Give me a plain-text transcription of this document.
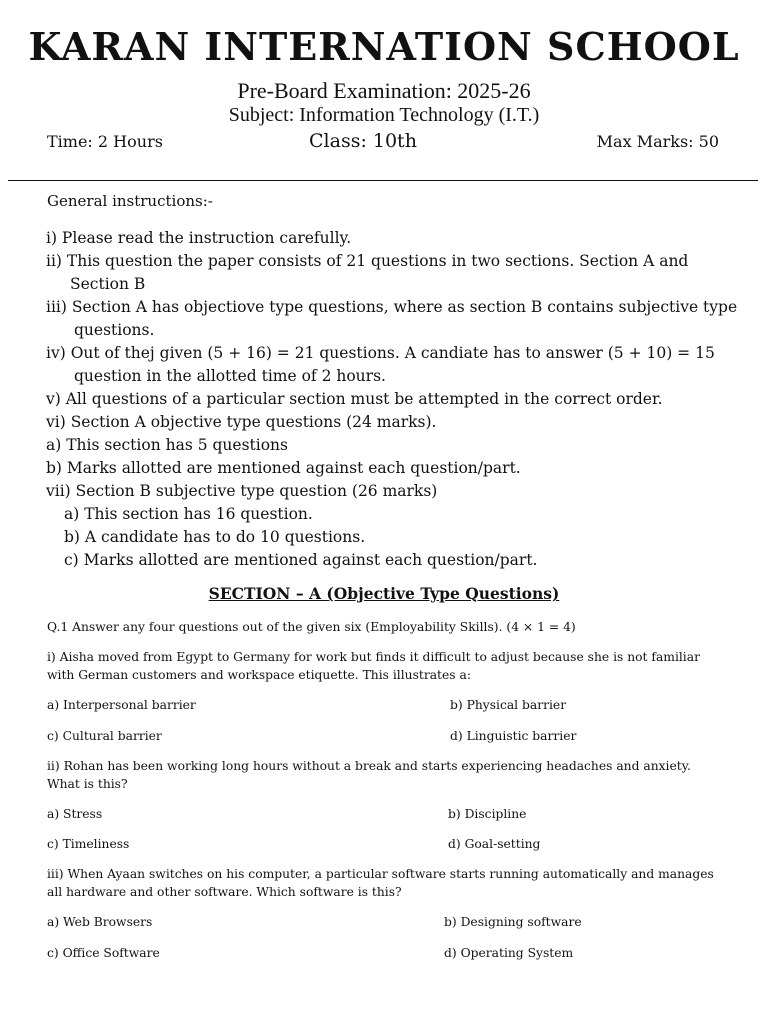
KARAN INTERNATION SCHOOL
Pre-Board Examination: 2025-26
Subject: Information Technology (I.T.)
Time: 2 Hours	Class: 10th	Max Marks: 50
General instructions:-
i) Please read the instruction carefully.
ii) This question the paper consists of 21 questions in two sections. Section A and
Section B
iii) Section A has objectiove type questions, where as section B contains subjective type
questions.
iv) Out of thej given (5 + 16) = 21 questions. A candiate has to answer (5 + 10) = 15
question in the allotted time of 2 hours.
v) All questions of a particular section must be attempted in the correct order.
vi) Section A objective type questions (24 marks).
a) This section has 5 questions
b) Marks allotted are mentioned against each question/part.
vii) Section B subjective type question (26 marks)
a) This section has 16 question.
b) A candidate has to do 10 questions.
c) Marks allotted are mentioned against each question/part.
SECTION – A (Objective Type Questions)
Q.1 Answer any four questions out of the given six (Employability Skills). (4 × 1 = 4)
i) Aisha moved from Egypt to Germany for work but finds it difficult to adjust because she is not familiar with German customers and workspace etiquette. This illustrates a:
a) Interpersonal barrier	b) Physical barrier
c) Cultural barrier	d) Linguistic barrier
ii) Rohan has been working long hours without a break and starts experiencing headaches and anxiety. What is this?
a) Stress	b) Discipline
c) Timeliness	d) Goal-setting
iii) When Ayaan switches on his computer, a particular software starts running automatically and manages all hardware and other software. Which software is this?
a) Web Browsers	b) Designing software
c) Office Software	d) Operating System
